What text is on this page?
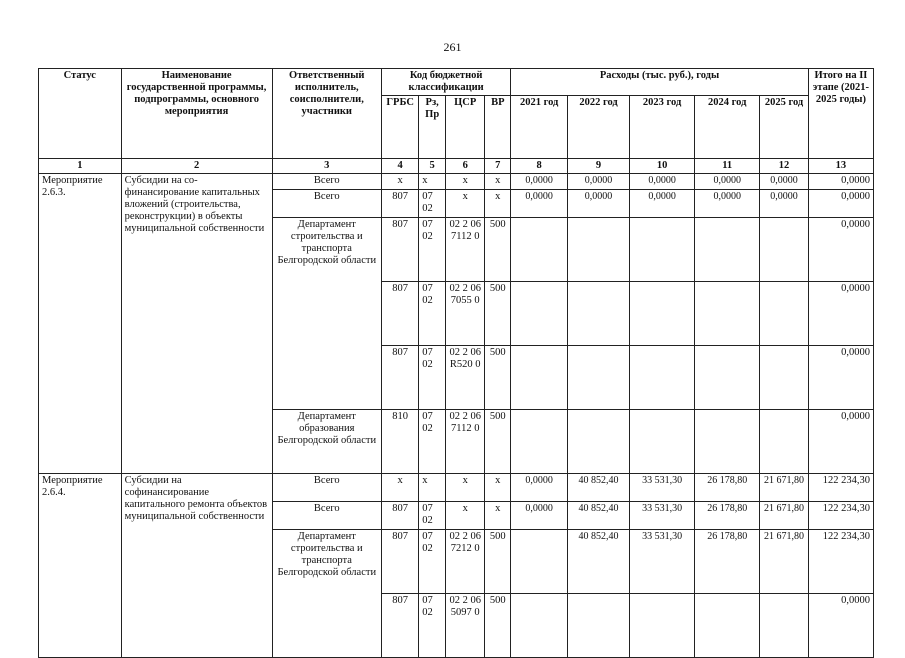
261
Статус	Наименование государственной программы, подпрограммы, основного мероприятия	Ответственный исполнитель, соисполнители, участники	Код бюджетной классификации				Расходы (тыс. руб.), годы					Итого на II этапе (2021-2025 годы)
			ГРБС	Рз, Пр	ЦСР	ВР	2021 год	2022 год	2023 год	2024 год	2025 год	

1	2	3	4	5	6	7	8	9	10	11	12	13
Мероприятие 2.6.3.	Субсидии на со-финансирование капитальных вложений (строительства, реконструкции) в объекты муниципальной собственности	Всего	х	х	х	х	0,0000	0,0000	0,0000	0,0000	0,0000	0,0000
		Всего	807	07 02	х	х	0,0000	0,0000	0,0000	0,0000	0,0000	0,0000
		Департамент строительства и транспорта Белгородской области	807	07 02	02 2 06 7112 0	500						0,0000
			807	07 02	02 2 06 7055 0	500						0,0000
			807	07 02	02 2 06 R520 0	500						0,0000
		Департамент образования Белгородской области	810	07 02	02 2 06 7112 0	500						0,0000
Мероприятие 2.6.4.	Субсидии на софинансирование капитального ремонта объектов муниципальной собственности	Всего	х	х	х	х	0,0000	40 852,40	33 531,30	26 178,80	21 671,80	122 234,30
		Всего	807	07 02	х	х	0,0000	40 852,40	33 531,30	26 178,80	21 671,80	122 234,30
		Департамент строительства и транспорта Белгородской области	807	07 02	02 2 06 7212 0	500		40 852,40	33 531,30	26 178,80	21 671,80	122 234,30
			807	07 02	02 2 06 5097 0	500						0,0000
